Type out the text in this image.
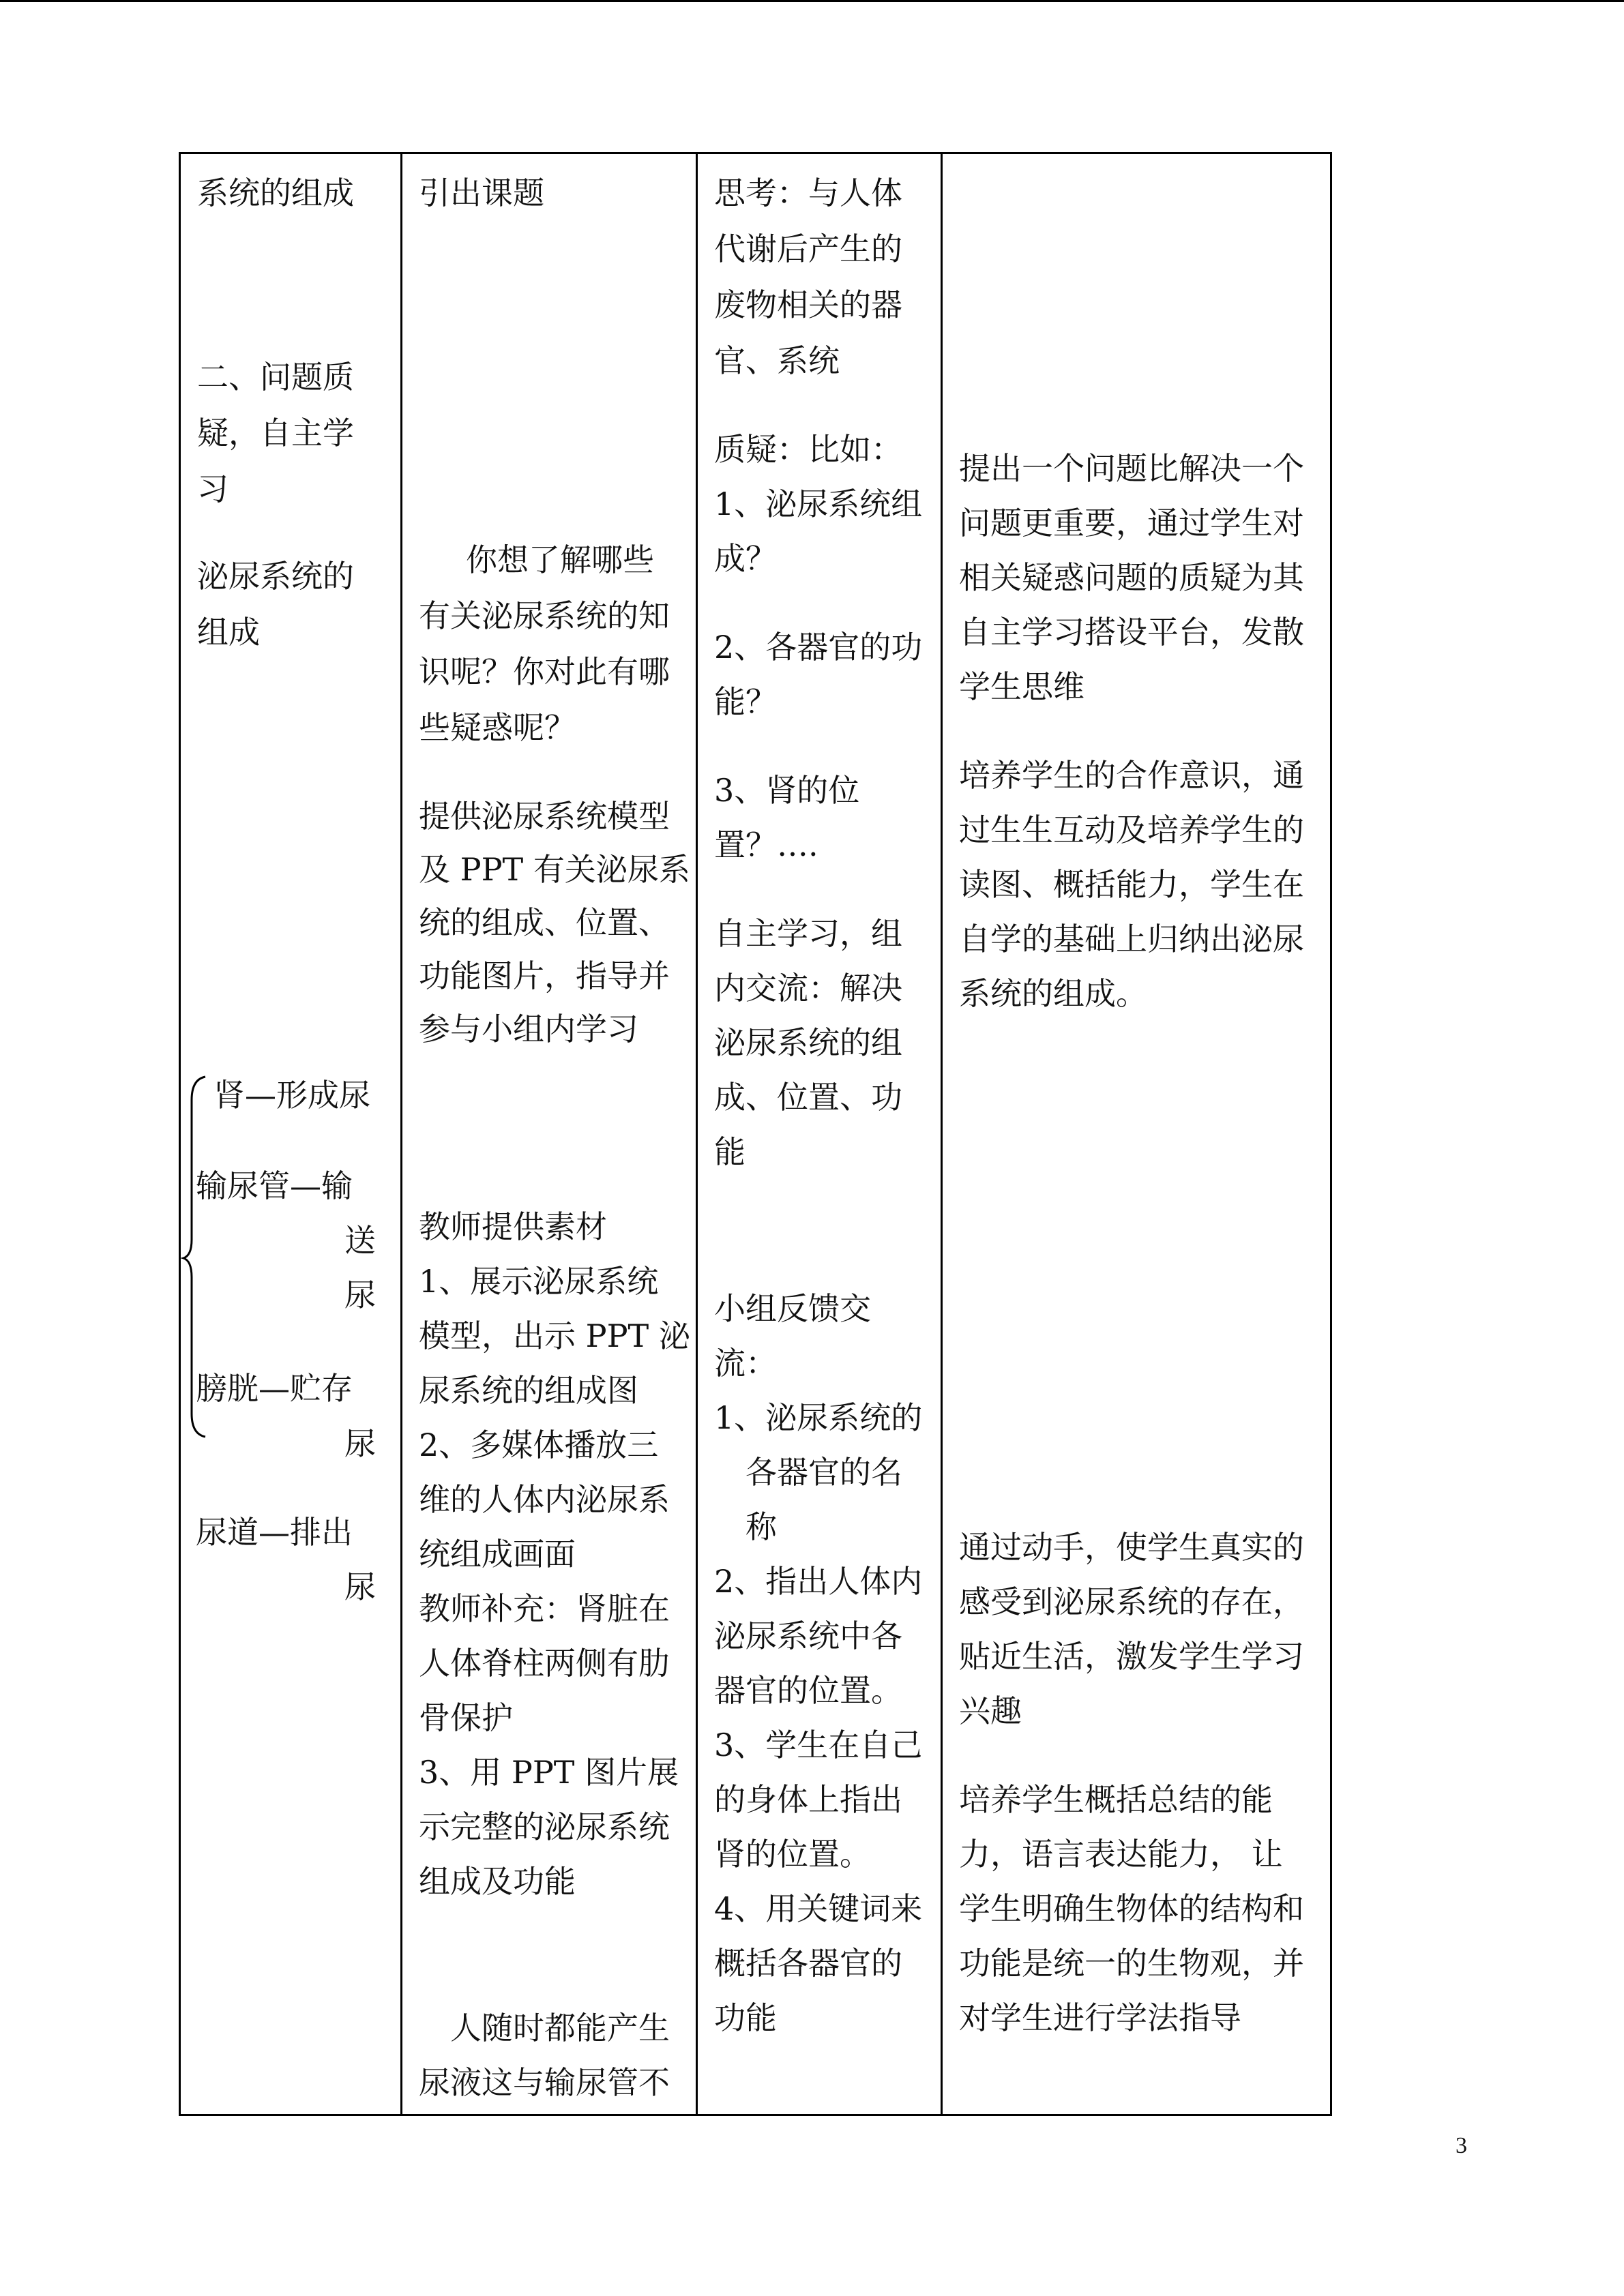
系统的组成

二、问题质

疑，自主学

习

泌尿系统的

组成

肾—形成尿

输尿管—输

送

尿

膀胱—贮存

尿

尿道—排出

尿

引出课题

你想了解哪些

有关泌尿系统的知

识呢？你对此有哪

些疑惑呢？

提供泌尿系统模型

及 PPT 有关泌尿系

统的组成、位置、

功能图片，指导并

参与小组内学习

教师提供素材

1、展示泌尿系统

模型，出示 PPT 泌

尿系统的组成图

2、多媒体播放三

维的人体内泌尿系

统组成画面

教师补充：肾脏在

人体脊柱两侧有肋

骨保护

3、用 PPT 图片展

示完整的泌尿系统

组成及功能

人随时都能产生

尿液这与输尿管不

思考：与人体

代谢后产生的

废物相关的器

官、系统

质疑：比如：

1、泌尿系统组

成？

2、各器官的功

能？

3、肾的位

置？….

自主学习，组

内交流：解决

泌尿系统的组

成、位置、功

能

小组反馈交

流：

1、泌尿系统的

各器官的名

称

2、指出人体内

泌尿系统中各

器官的位置。

3、学生在自己

的身体上指出

肾的位置。

4、用关键词来

概括各器官的

功能

提出一个问题比解决一个

问题更重要，通过学生对

相关疑惑问题的质疑为其

自主学习搭设平台，发散

学生思维

培养学生的合作意识，通

过生生互动及培养学生的

读图、概括能力，学生在

自学的基础上归纳出泌尿

系统的组成。

通过动手，使学生真实的

感受到泌尿系统的存在，

贴近生活，激发学生学习

兴趣

培养学生概括总结的能

力，语言表达能力， 让

学生明确生物体的结构和

功能是统一的生物观，并

对学生进行学法指导

3
